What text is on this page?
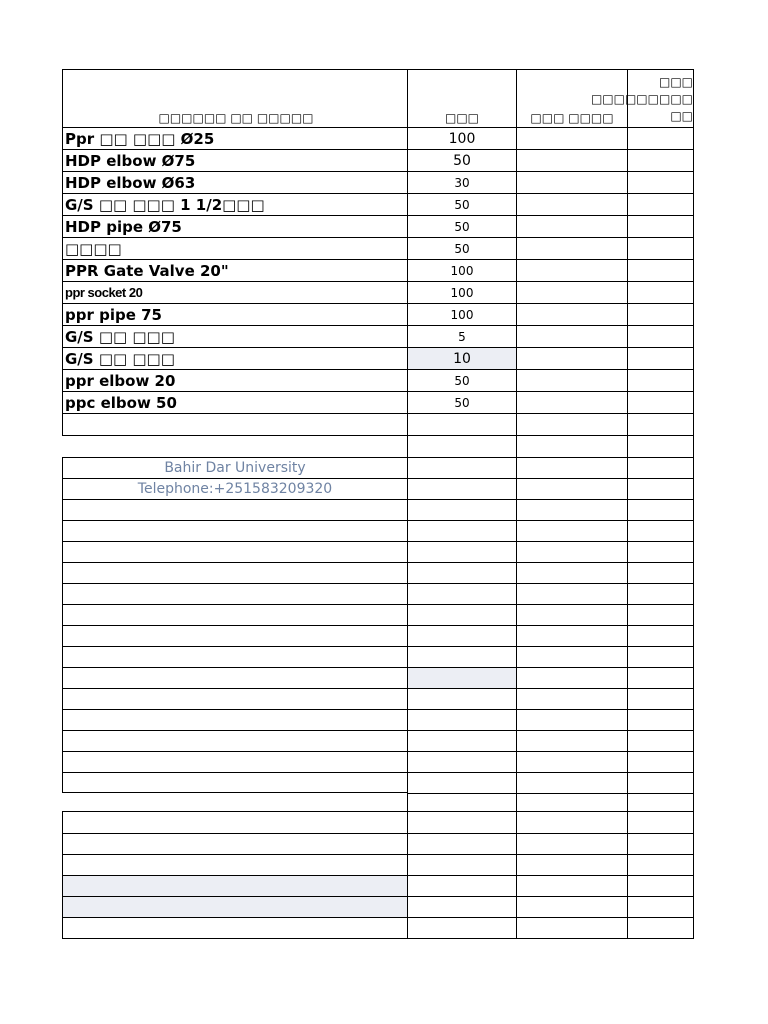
□□□□□□ □□ □□□□□	□□□	□□□ □□□□
□□□
□□□□□□□□□
□□
Ppr □□ □□□ Ø25	100
HDP elbow Ø75	50
HDP elbow Ø63	30
G/S □□ □□□ 1 1/2□□□	50
HDP pipe Ø75	50
□□□□	50
PPR Gate Valve 20"	100
ppr socket 20	100
ppr pipe 75	100
G/S □□ □□□	5
G/S □□ □□□	10
ppr elbow 20	50
ppc elbow 50	50
Bahir Dar University
Telephone:+251583209320
